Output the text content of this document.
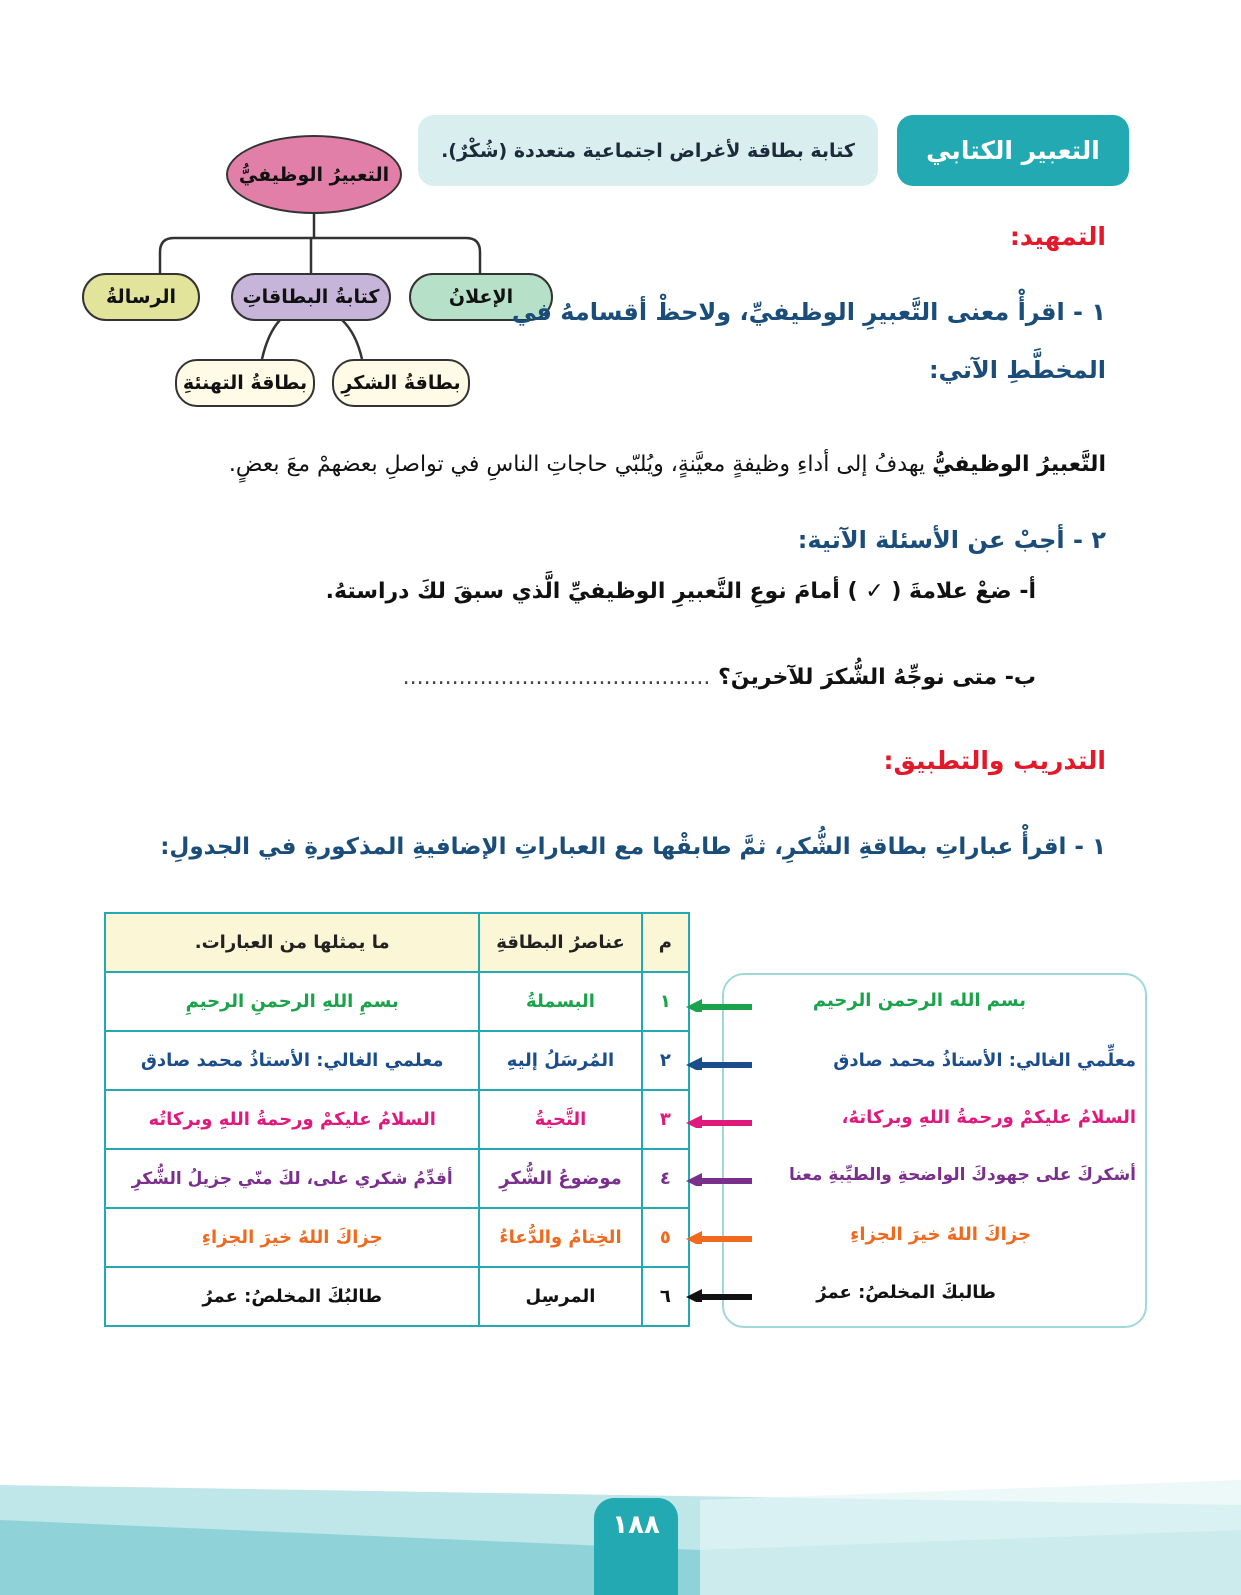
التعبير الكتابي
كتابة بطاقة لأغراض اجتماعية متعددة (شُكْرٌ).
التعبيرُ الوظيفيُّ
الإعلانُ
كتابةُ البطاقاتِ
الرسالةُ
بطاقةُ الشكرِ
بطاقةُ التهنئةِ
التمهيد:
١ - اقرأْ معنى التَّعبيرِ الوظيفيِّ، ولاحظْ أقسامهُ في
المخطَّطِ الآتي:
التَّعبيرُ الوظيفيُّ يهدفُ إلى أداءِ وظيفةٍ معيَّنةٍ، ويُلبّي حاجاتِ الناسِ في تواصلِ بعضهمْ معَ بعضٍ.
٢ - أجبْ عن الأسئلة الآتية:
أ- ضعْ علامةَ ( ✓ ) أمامَ نوعِ التَّعبيرِ الوظيفيِّ الَّذي سبقَ لكَ دراستهُ.
ب- متى نوجِّهُ الشُّكرَ للآخرينَ؟ ............................................
التدريب والتطبيق:
١ - اقرأْ عباراتِ بطاقةِ الشُّكرِ، ثمَّ طابقْها مع العباراتِ الإضافيةِ المذكورةِ في الجدولِ:
م	عناصرُ البطاقةِ	ما يمثلها من العبارات.
١	البسملةُ	بسمِ اللهِ الرحمنِ الرحيمِ
٢	المُرسَلُ إليهِ	معلمي الغالي: الأستاذُ محمد صادق
٣	التَّحيةُ	السلامُ عليكمْ ورحمةُ اللهِ وبركاتُه
٤	موضوعُ الشُّكرِ	أقدِّمُ شكري على، لكَ منّي جزيلُ الشُّكرِ
٥	الخِتامُ والدُّعاءُ	جزاكَ اللهُ خيرَ الجزاءِ
٦	المرسِل	طالبُكَ المخلصُ: عمرُ
بسم الله الرحمن الرحيم
معلِّمي الغالي: الأستاذُ محمد صادق
السلامُ عليكمْ ورحمةُ اللهِ وبركاتهُ،
أشكركَ على جهودكَ الواضحةِ والطيِّبةِ معنا
جزاكَ اللهُ خيرَ الجزاءِ
طالبكَ المخلصُ: عمرُ
١٨٨
